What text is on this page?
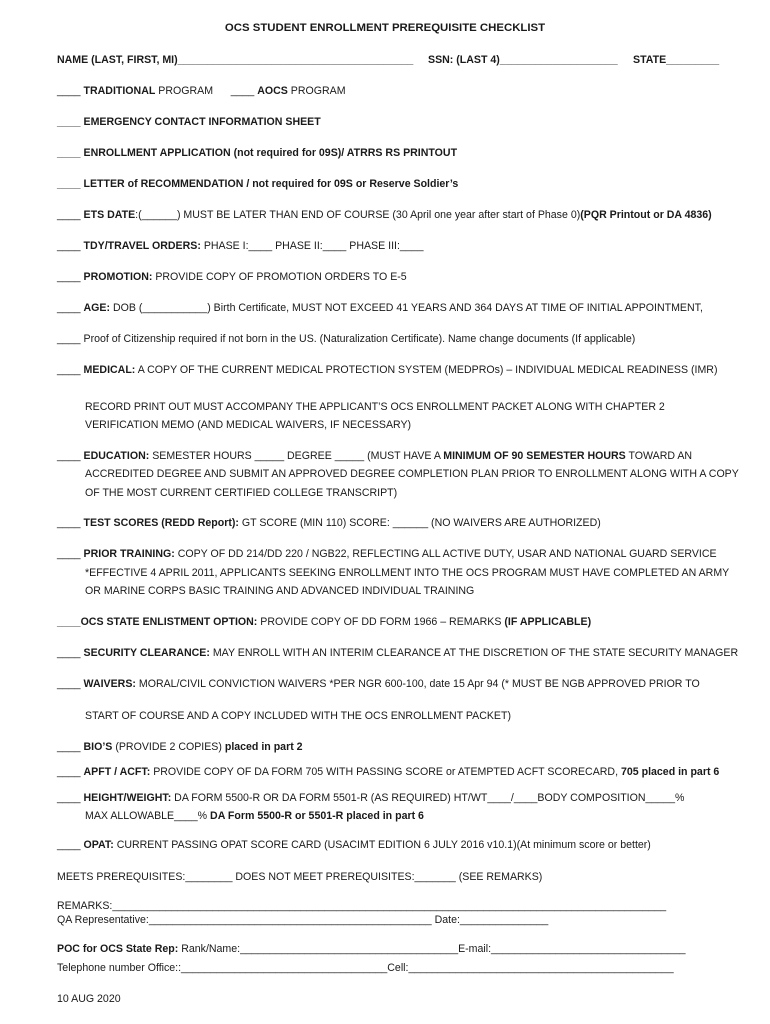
OCS STUDENT ENROLLMENT PREREQUISITE CHECKLIST
NAME (LAST, FIRST, MI)________________________________________ SSN: (LAST 4)____________________ STATE_________
____ TRADITIONAL PROGRAM ____ AOCS PROGRAM
____ EMERGENCY CONTACT INFORMATION SHEET
____ ENROLLMENT APPLICATION (not required for 09S)/ ATRRS RS PRINTOUT
____ LETTER of RECOMMENDATION / not required for 09S or Reserve Soldier’s
____ ETS DATE:(______) MUST BE LATER THAN END OF COURSE (30 April one year after start of Phase 0)(PQR Printout or DA 4836)
____ TDY/TRAVEL ORDERS: PHASE I:____ PHASE II:____ PHASE III:____
____ PROMOTION: PROVIDE COPY OF PROMOTION ORDERS TO E-5
____ AGE: DOB (___________) Birth Certificate, MUST NOT EXCEED 41 YEARS AND 364 DAYS AT TIME OF INITIAL APPOINTMENT,
____ Proof of Citizenship required if not born in the US. (Naturalization Certificate). Name change documents (If applicable)
____ MEDICAL: A COPY OF THE CURRENT MEDICAL PROTECTION SYSTEM (MEDPROs) – INDIVIDUAL MEDICAL READINESS (IMR)
RECORD PRINT OUT MUST ACCOMPANY THE APPLICANT’S OCS ENROLLMENT PACKET ALONG WITH CHAPTER 2
VERIFICATION MEMO (AND MEDICAL WAIVERS, IF NECESSARY)
____ EDUCATION: SEMESTER HOURS _____ DEGREE _____ (MUST HAVE A MINIMUM OF 90 SEMESTER HOURS TOWARD AN
ACCREDITED DEGREE AND SUBMIT AN APPROVED DEGREE COMPLETION PLAN PRIOR TO ENROLLMENT ALONG WITH A COPY
OF THE MOST CURRENT CERTIFIED COLLEGE TRANSCRIPT)
____ TEST SCORES (REDD Report): GT SCORE (MIN 110) SCORE: ______ (NO WAIVERS ARE AUTHORIZED)
____ PRIOR TRAINING: COPY OF DD 214/DD 220 / NGB22, REFLECTING ALL ACTIVE DUTY, USAR AND NATIONAL GUARD SERVICE
*EFFECTIVE 4 APRIL 2011, APPLICANTS SEEKING ENROLLMENT INTO THE OCS PROGRAM MUST HAVE COMPLETED AN ARMY
OR MARINE CORPS BASIC TRAINING AND ADVANCED INDIVIDUAL TRAINING
____OCS STATE ENLISTMENT OPTION: PROVIDE COPY OF DD FORM 1966 – REMARKS (IF APPLICABLE)
____ SECURITY CLEARANCE: MAY ENROLL WITH AN INTERIM CLEARANCE AT THE DISCRETION OF THE STATE SECURITY MANAGER
____ WAIVERS: MORAL/CIVIL CONVICTION WAIVERS *PER NGR 600-100, date 15 Apr 94 (* MUST BE NGB APPROVED PRIOR TO
START OF COURSE AND A COPY INCLUDED WITH THE OCS ENROLLMENT PACKET)
____ BIO’S (PROVIDE 2 COPIES) placed in part 2
____ APFT / ACFT: PROVIDE COPY OF DA FORM 705 WITH PASSING SCORE or ATEMPTED ACFT SCORECARD, 705 placed in part 6
____ HEIGHT/WEIGHT: DA FORM 5500-R OR DA FORM 5501-R (AS REQUIRED) HT/WT____/____BODY COMPOSITION_____%
MAX ALLOWABLE____% DA Form 5500-R or 5501-R placed in part 6
____ OPAT: CURRENT PASSING OPAT SCORE CARD (USACIMT EDITION 6 JULY 2016 v10.1)(At minimum score or better)
MEETS PREREQUISITES:________ DOES NOT MEET PREREQUISITES:_______ (SEE REMARKS)
REMARKS:______________________________________________________________________________________________
QA Representative:________________________________________________ Date:_______________
POC for OCS State Rep: Rank/Name:_____________________________________E-mail:_________________________________
Telephone number Office::___________________________________Cell:_____________________________________________
10 AUG 2020
